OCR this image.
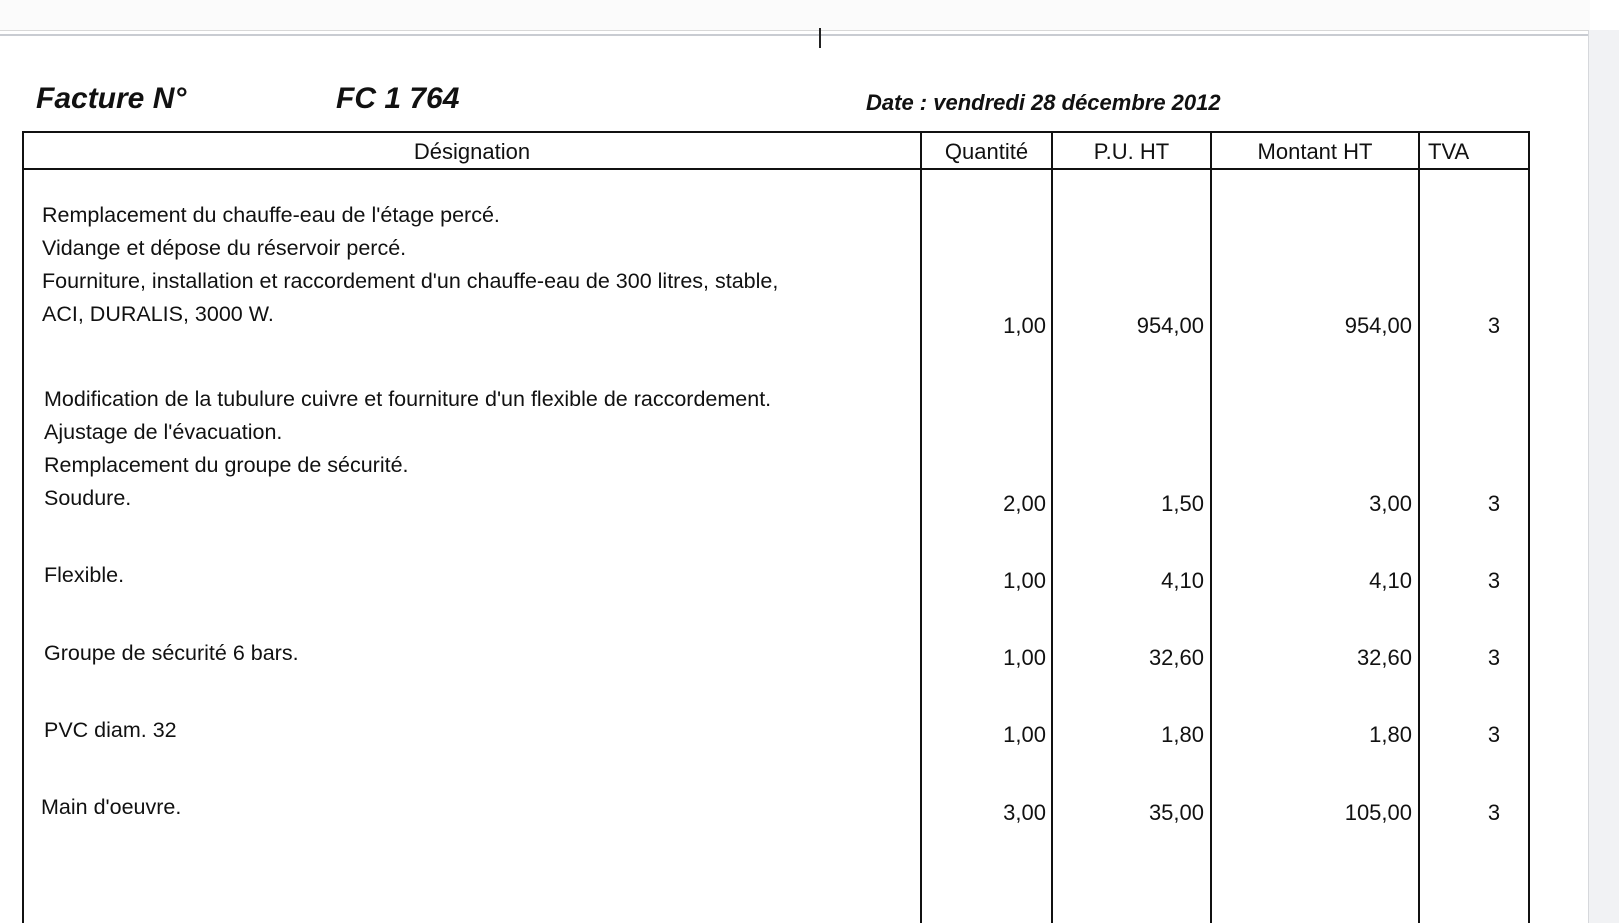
Facture N°	FC 1 764	Date : vendredi 28 décembre 2012
Désignation	Quantité	P.U. HT	Montant HT	TVA
Remplacement du chauffe-eau de l'étage percé.
Vidange et dépose du réservoir percé.
Fourniture, installation et raccordement d'un chauffe-eau de 300 litres, stable,
ACI, DURALIS, 3000 W.	1,00	954,00	954,00	3
Modification de la tubulure cuivre et fourniture d'un flexible de raccordement.
Ajustage de l'évacuation.
Remplacement du groupe de sécurité.
Soudure.	2,00	1,50	3,00	3
Flexible.	1,00	4,10	4,10	3
Groupe de sécurité 6 bars.	1,00	32,60	32,60	3
PVC diam. 32	1,00	1,80	1,80	3
Main d'oeuvre.	3,00	35,00	105,00	3
